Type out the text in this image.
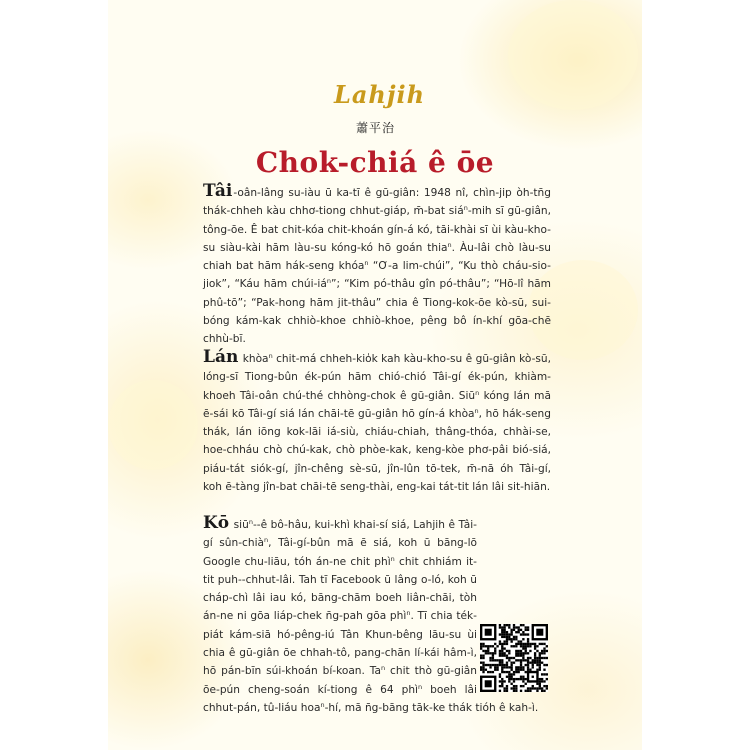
Lahjih
蕭平治
Chok-chiá ê ōe

Tâi-oân-lâng su-iàu ū ka-tī ê gū-giân: 1948 nî, chìn-jip òh-tn̄g thák-chheh kàu chhơ-tiong chhut-giáp, m̄-bat siá$^n$-mih sī gū-giân, tông-ōe. Ê bat chit-kóa chit-khoán gín-á kó, tāi-khài sī ùi kàu-kho-su siàu-kài hām làu-su kóng-kó hō goán thia$^n$. Àu-lâi chò làu-su chiah bat hām hák-seng khóa$^n$ “Ơ-a lim-chúi”, “Ku thò cháu-sio-jiok”, “Káu hām chúi-$iá^n$”; “Kim pó-thâu gîn pó-thâu”; “Hō-lî hām phû-tō”; “Pak-hong hām jit-thâu” chia ê Tiong-kok-ōe kò-sū, sui-bóng kám-kak chhiò-khoe chhiò-khoe, pêng bô ín-khí gōa-chē chhù-bī.

Lán khòa$^n$ chit-má chheh-kio̍k kah kàu-kho-su ê gū-giân kò-sū, lóng-sī Tiong-bûn ék-pún hām chió-chió Tâi-gí ék-pún, khiàm-khoeh Tâi-oân chú-thé chhòng-chok ê gū-giân. Siū$^n$ kóng lán mā ē-sái kō Tâi-gí siá lán chāi-tē gū-giân hō gín-á khòa$^n$, hō hák-seng thák, lán iōng kok-lāi iá-siù, chiáu-chiah, thâng-thóa, chhài-se, hoe-chháu chò chú-kak, chò phòe-kak, keng-kòe phơ-pâi bió-siá, piáu-tát siók-gí, jîn-chêng sè-sū, jîn-lûn tō-tek, m̄-nā óh Tâi-gí, koh ē-tàng jîn-bat chāi-tē seng-thài, eng-kai tát-tit lán lâi sit-hiān.

Kō siū$^n$--ê bô-hâu, kui-khì khai-sí siá, Lahjih ê Tâi-gí sûn-chià$^n$, Tâi-gí-bûn mā ē siá, koh ū bāng-lō Google chu-liāu, tóh án-ne chit phì$^n$ chit chhiám it-tit puh--chhut-lâi. Tah tī Facebook ū lâng o-ló, koh ū cháp-chì lâi iau kó, bāng-chām boeh liân-chāi, tòh án-ne ni gōa liáp-chek n̄g-pah gōa phì$^n$. Tī chia ték-piát kám-siā hó-pêng-iú Tân Khun-bêng lāu-su ùi chia ê gū-giân ōe chhah-tô, pang-chān lí-kái hâm-ì, hō pán-bīn súi-khoán bí-koan. Ta$^n$ chit thò gū-giân ōe-pún cheng-soán kí-tiong ê 64 phì$^n$ boeh lâi chhut-pán, tû-liáu hoa$^n$-hí, mā n̄g-bāng tāk-ke thák tióh ê kah-ì.
